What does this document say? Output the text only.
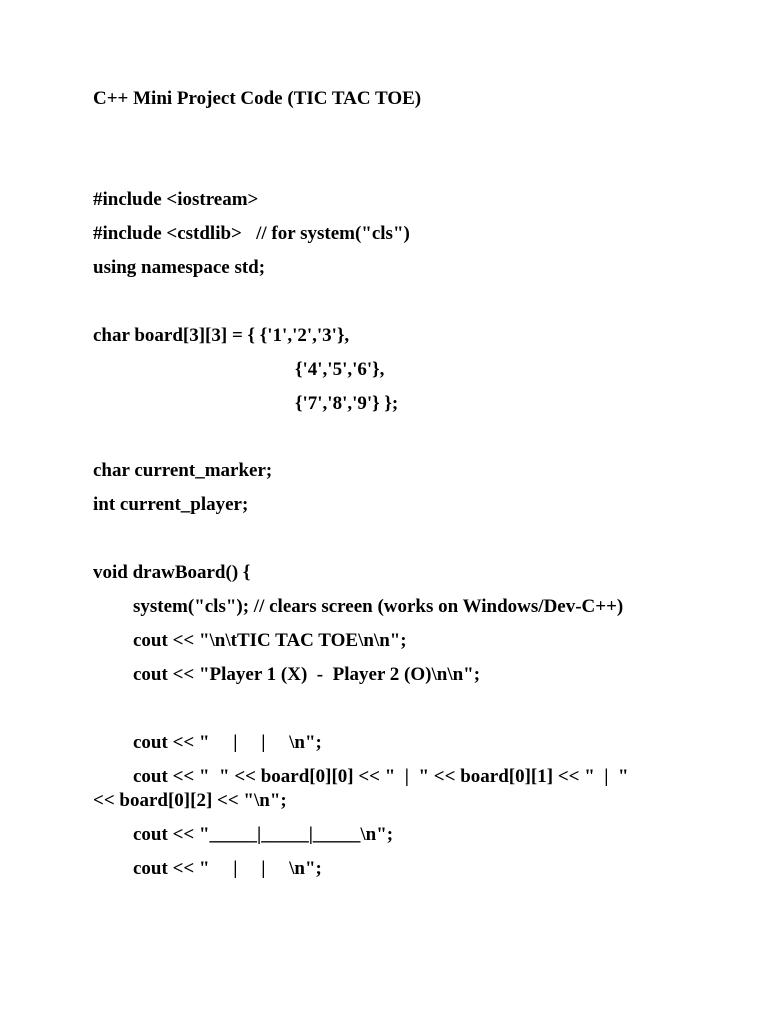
C++ Mini Project Code (TIC TAC TOE)
#include <iostream>
#include <cstdlib>   // for system("cls")
using namespace std;
char board[3][3] = { {'1','2','3'},
{'4','5','6'},
{'7','8','9'} };
char current_marker;
int current_player;
void drawBoard() {
system("cls"); // clears screen (works on Windows/Dev-C++)
cout << "\n\tTIC TAC TOE\n\n";
cout << "Player 1 (X)  -  Player 2 (O)\n\n";
cout << "     |     |     \n";
cout << "  " << board[0][0] << "  |  " << board[0][1] << "  |  "
<< board[0][2] << "\n";
cout << "_____|_____|_____\n";
cout << "     |     |     \n";
